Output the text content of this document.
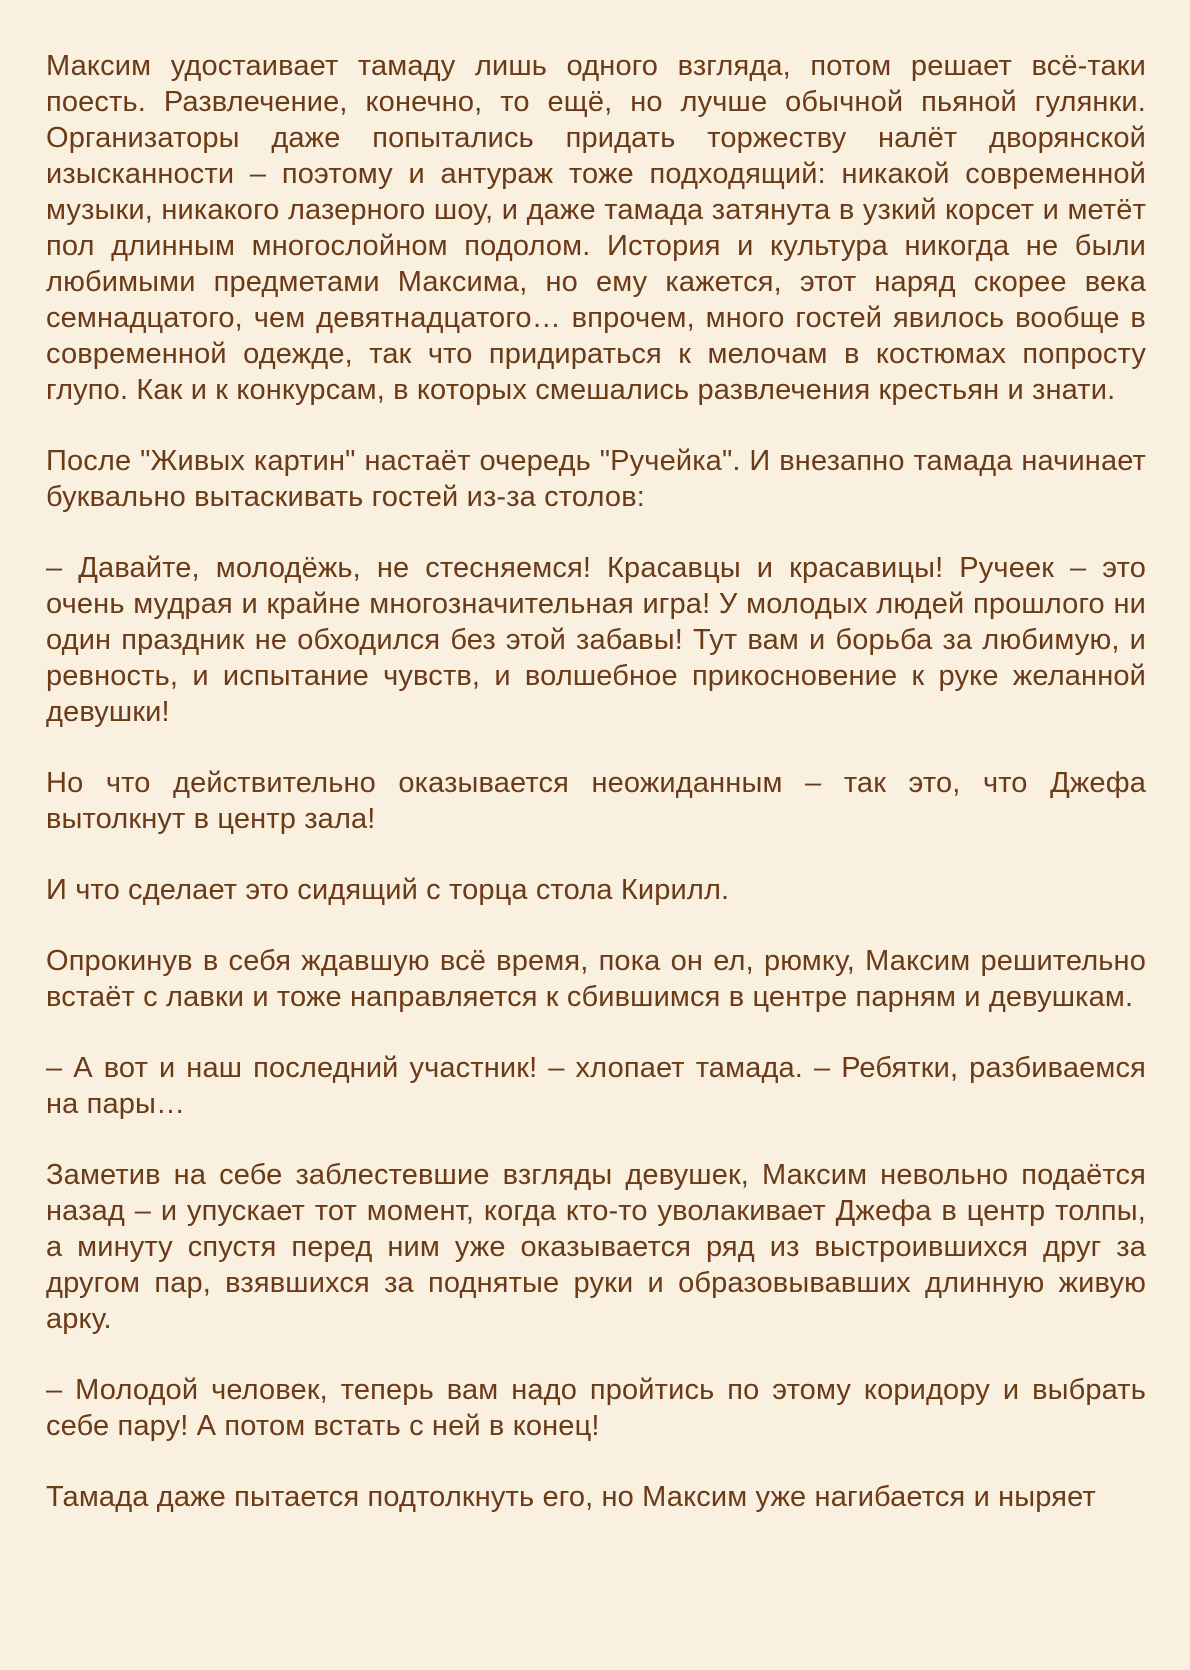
Максим удостаивает тамаду лишь одного взгляда, потом решает всё-таки поесть. Развлечение, конечно, то ещё, но лучше обычной пьяной гулянки. Организаторы даже попытались придать торжеству налёт дворянской изысканности – поэтому и антураж тоже подходящий: никакой современной музыки, никакого лазерного шоу, и даже тамада затянута в узкий корсет и метёт пол длинным многослойном подолом. История и культура никогда не были любимыми предметами Максима, но ему кажется, этот наряд скорее века семнадцатого, чем девятнадцатого… впрочем, много гостей явилось вообще в современной одежде, так что придираться к мелочам в костюмах попросту глупо. Как и к конкурсам, в которых смешались развлечения крестьян и знати.

После "Живых картин" настаёт очередь "Ручейка". И внезапно тамада начинает буквально вытаскивать гостей из-за столов:

– Давайте, молодёжь, не стесняемся! Красавцы и красавицы! Ручеек – это очень мудрая и крайне многозначительная игра! У молодых людей прошлого ни один праздник не обходился без этой забавы! Тут вам и борьба за любимую, и ревность, и испытание чувств, и волшебное прикосновение к руке желанной девушки!

Но что действительно оказывается неожиданным – так это, что Джефа вытолкнут в центр зала!

И что сделает это сидящий с торца стола Кирилл.

Опрокинув в себя ждавшую всё время, пока он ел, рюмку, Максим решительно встаёт с лавки и тоже направляется к сбившимся в центре парням и девушкам.

– А вот и наш последний участник! – хлопает тамада. – Ребятки, разбиваемся на пары…

Заметив на себе заблестевшие взгляды девушек, Максим невольно подаётся назад – и упускает тот момент, когда кто-то уволакивает Джефа в центр толпы, а минуту спустя перед ним уже оказывается ряд из выстроившихся друг за другом пар, взявшихся за поднятые руки и образовывавших длинную живую арку.

– Молодой человек, теперь вам надо пройтись по этому коридору и выбрать себе пару! А потом встать с ней в конец!

Тамада даже пытается подтолкнуть его, но Максим уже нагибается и ныряет
